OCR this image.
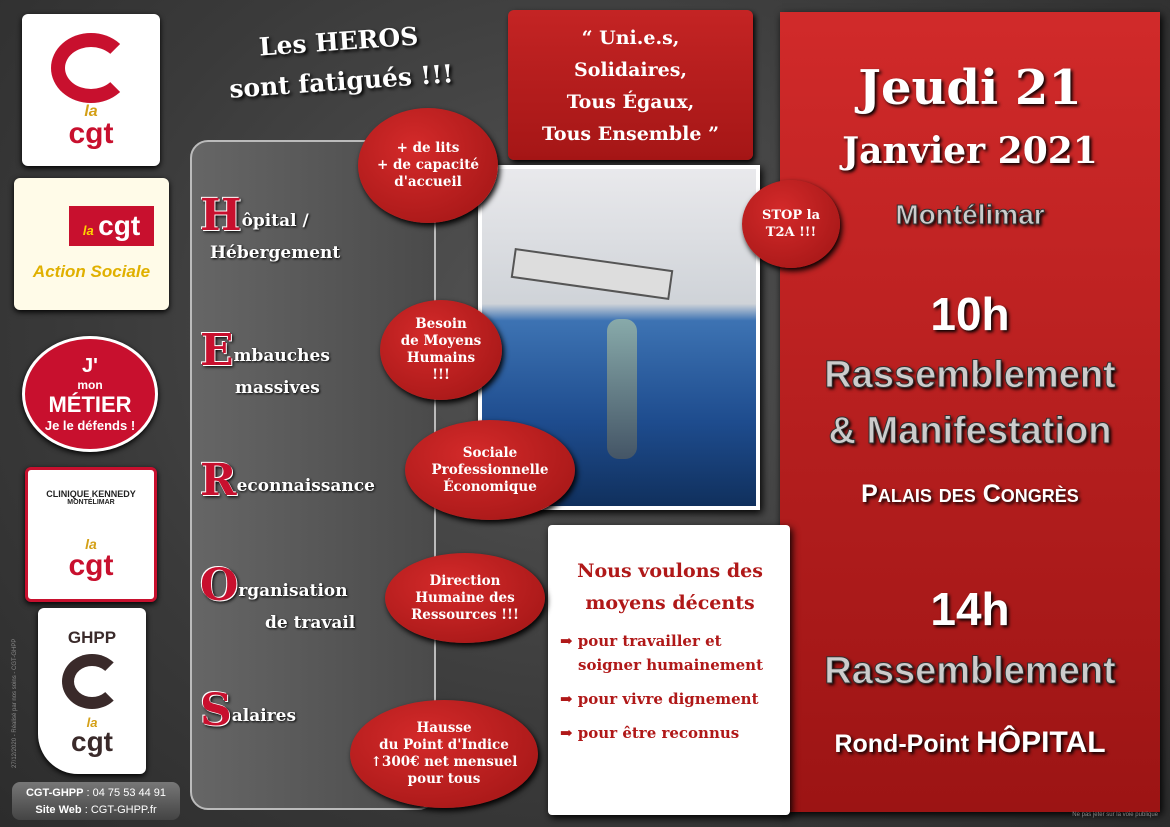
la
cgt
la cgt
Action Sociale
J'
mon
MÉTIER
Je le défends !
CLINIQUE KENNEDY
MONTÉLIMAR
la
cgt
GHPP
la
cgt
27/12/2020 - Réalisé par nos soins - CGT-GHPP
CGT-GHPP : 04 75 53 44 91
Site Web : CGT-GHPP.fr
Les HEROS
sont fatigués !!!
Hôpital /
Hébergement
Embauches
massives
Reconnaissance
Organisation
de travail
Salaires
“ Uni.e.s,
Solidaires,
Tous Égaux,
Tous Ensemble ”
Jeudi 21
Janvier 2021
Montélimar
10h
Rassemblement
& Manifestation
Palais des Congrès
14h
Rassemblement
Rond-Point HÔPITAL
+ de lits
+ de capacité
d'accueil
Besoin
de Moyens
Humains
!!!
Sociale
Professionnelle
Économique
Direction
Humaine des
Ressources !!!
Hausse
du Point d'Indice
↑300€ net mensuel
pour tous
STOP la
T2A !!!
Nous voulons des moyens décents
➡ pour travailler et soigner humainement
➡ pour vivre dignement
➡ pour être reconnus
Ne pas jeter sur la voie publique
